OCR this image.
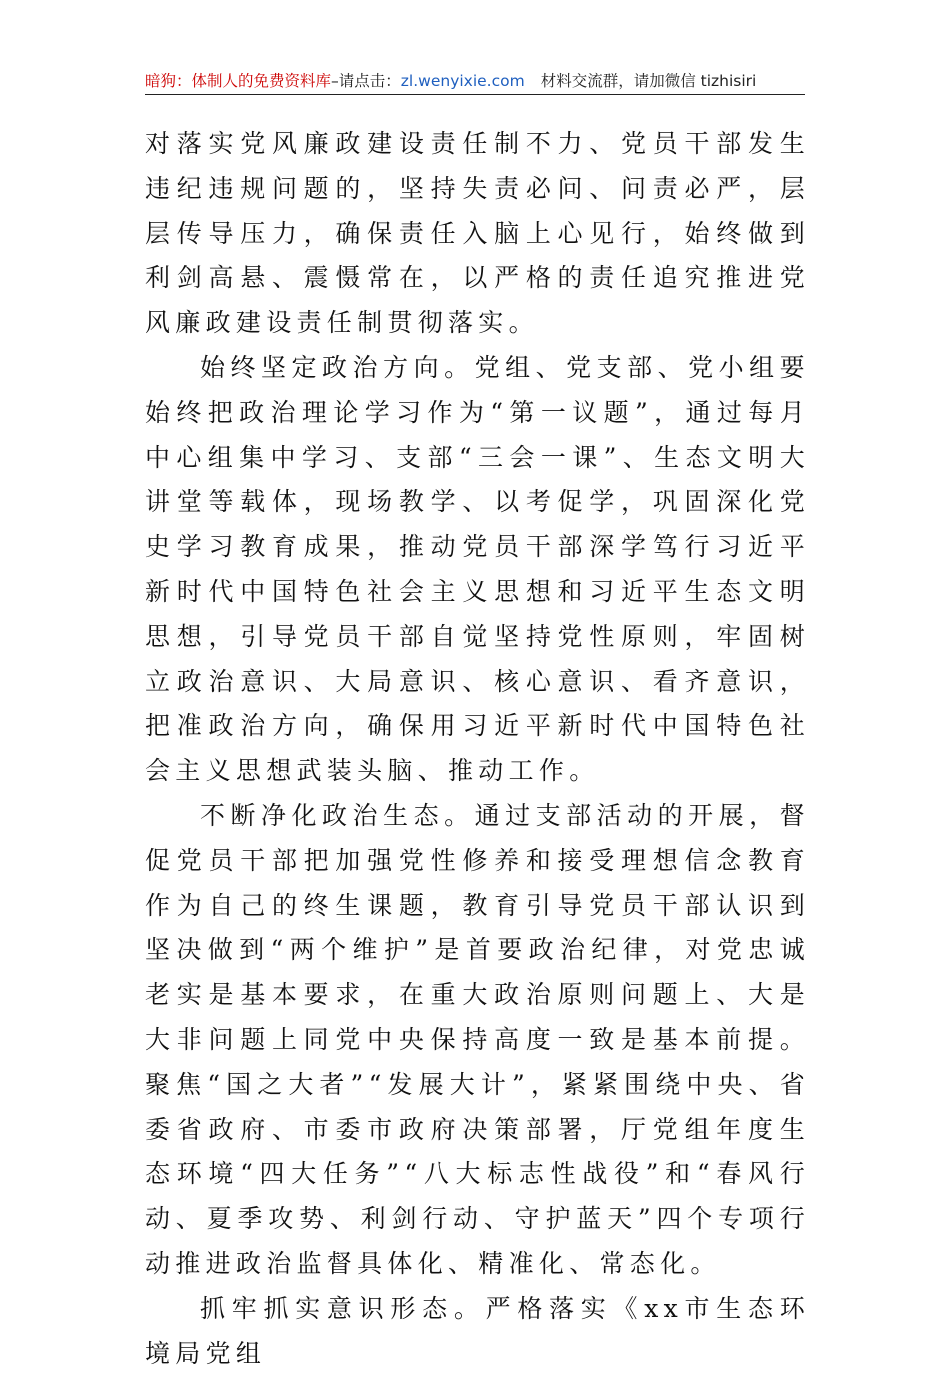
暗狗：体制人的免费资料库–请点击：zl.wenyixie.com 材料交流群，请加微信 tizhisiri

对落实党风廉政建设责任制不力、党员干部发生违纪违规问题的，坚持失责必问、问责必严，层层传导压力，确保责任入脑上心见行，始终做到利剑高悬、震慑常在，以严格的责任追究推进党风廉政建设责任制贯彻落实。

始终坚定政治方向。党组、党支部、党小组要始终把政治理论学习作为“第一议题”，通过每月中心组集中学习、支部“三会一课”、生态文明大讲堂等载体，现场教学、以考促学，巩固深化党史学习教育成果，推动党员干部深学笃行习近平新时代中国特色社会主义思想和习近平生态文明思想，引导党员干部自觉坚持党性原则，牢固树立政治意识、大局意识、核心意识、看齐意识，把准政治方向，确保用习近平新时代中国特色社会主义思想武装头脑、推动工作。

不断净化政治生态。通过支部活动的开展，督促党员干部把加强党性修养和接受理想信念教育作为自己的终生课题，教育引导党员干部认识到坚决做到“两个维护”是首要政治纪律，对党忠诚老实是基本要求，在重大政治原则问题上、大是大非问题上同党中央保持高度一致是基本前提。聚焦“国之大者”“发展大计”，紧紧围绕中央、省委省政府、市委市政府决策部署，厅党组年度生态环境“四大任务”“八大标志性战役”和“春风行动、夏季攻势、利剑行动、守护蓝天”四个专项行动推进政治监督具体化、精准化、常态化。

抓牢抓实意识形态。严格落实《xx市生态环境局党组
